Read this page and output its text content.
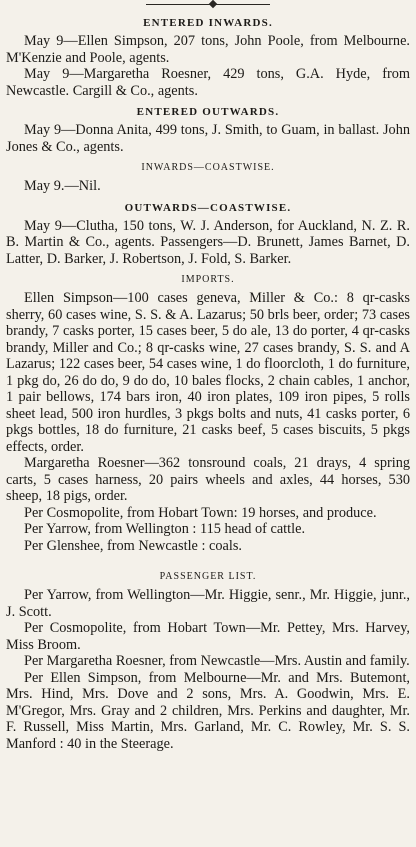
ENTERED INWARDS.

May 9—Ellen Simpson, 207 tons, John Poole, from Melbourne. M'Kenzie and Poole, agents.

May 9—Margaretha Roesner, 429 tons, G.A. Hyde, from Newcastle. Cargill & Co., agents.

ENTERED OUTWARDS.

May 9—Donna Anita, 499 tons, J. Smith, to Guam, in ballast. John Jones & Co., agents.

INWARDS—COASTWISE.

May 9.—Nil.

OUTWARDS—COASTWISE.

May 9—Clutha, 150 tons, W. J. Anderson, for Auckland, N. Z. R. B. Martin & Co., agents. Passengers—D. Brunett, James Barnet, D. Latter, D. Barker, J. Robertson, J. Fold, S. Barker.

IMPORTS.

Ellen Simpson—100 cases geneva, Miller & Co.: 8 qr-casks sherry, 60 cases wine, S. S. & A. Lazarus; 50 brls beer, order; 73 cases brandy, 7 casks porter, 15 cases beer, 5 do ale, 13 do porter, 4 qr-casks brandy, Miller and Co.; 8 qr-casks wine, 27 cases brandy, S. S. and A Lazarus; 122 cases beer, 54 cases wine, 1 do floorcloth, 1 do furniture, 1 pkg do, 26 do do, 9 do do, 10 bales flocks, 2 chain cables, 1 anchor, 1 pair bellows, 174 bars iron, 40 iron plates, 109 iron pipes, 5 rolls sheet lead, 500 iron hurdles, 3 pkgs bolts and nuts, 41 casks porter, 6 pkgs bottles, 18 do furniture, 21 casks beef, 5 cases biscuits, 5 pkgs effects, order.

Margaretha Roesner—362 tonsround coals, 21 drays, 4 spring carts, 5 cases harness, 20 pairs wheels and axles, 44 horses, 530 sheep, 18 pigs, order.

Per Cosmopolite, from Hobart Town: 19 horses, and produce.

Per Yarrow, from Wellington : 115 head of cattle.

Per Glenshee, from Newcastle : coals.

PASSENGER LIST.

Per Yarrow, from Wellington—Mr. Higgie, senr., Mr. Higgie, junr., J. Scott.

Per Cosmopolite, from Hobart Town—Mr. Pettey, Mrs. Harvey, Miss Broom.

Per Margaretha Roesner, from Newcastle—Mrs. Austin and family.

Per Ellen Simpson, from Melbourne—Mr. and Mrs. Butemont, Mrs. Hind, Mrs. Dove and 2 sons, Mrs. A. Goodwin, Mrs. E. M'Gregor, Mrs. Gray and 2 children, Mrs. Perkins and daughter, Mr. F. Russell, Miss Martin, Mrs. Garland, Mr. C. Rowley, Mr. S. S. Manford : 40 in the Steerage.
